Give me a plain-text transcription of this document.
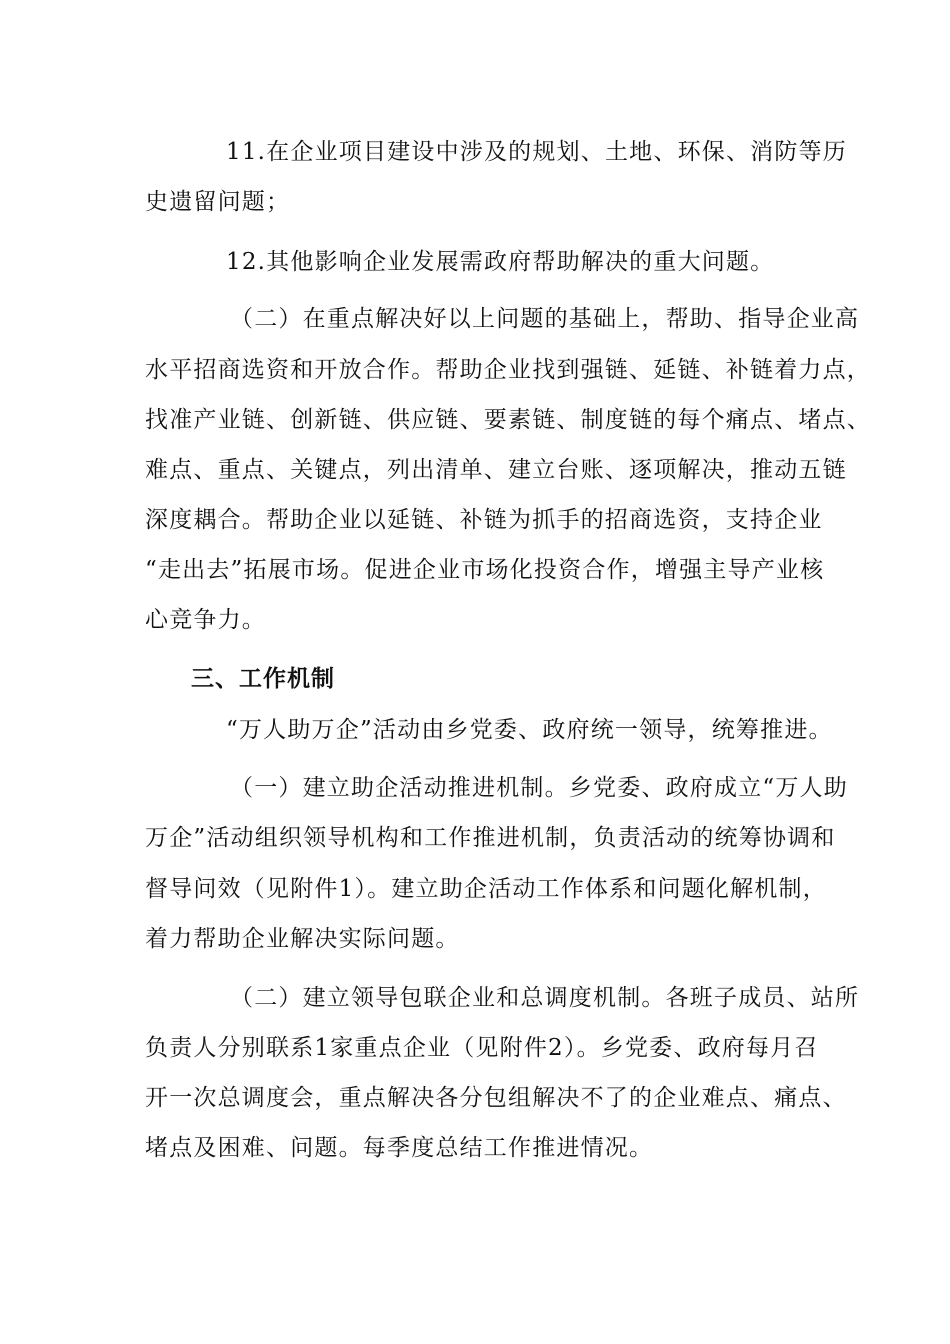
11.在企业项目建设中涉及的规划、土地、环保、消防等历
史遗留问题；
12.其他影响企业发展需政府帮助解决的重大问题。
（二）在重点解决好以上问题的基础上，帮助、指导企业高
水平招商选资和开放合作。帮助企业找到强链、延链、补链着力点，
找准产业链、创新链、供应链、要素链、制度链的每个痛点、堵点、
难点、重点、关键点，列出清单、建立台账、逐项解决，推动五链
深度耦合。帮助企业以延链、补链为抓手的招商选资，支持企业
“走出去”拓展市场。促进企业市场化投资合作，增强主导产业核
心竞争力。
三、工作机制
“万人助万企”活动由乡党委、政府统一领导，统筹推进。
（一）建立助企活动推进机制。乡党委、政府成立“万人助
万企”活动组织领导机构和工作推进机制，负责活动的统筹协调和
督导问效（见附件1）。建立助企活动工作体系和问题化解机制，
着力帮助企业解决实际问题。
（二）建立领导包联企业和总调度机制。各班子成员、站所
负责人分别联系1家重点企业（见附件2）。乡党委、政府每月召
开一次总调度会，重点解决各分包组解决不了的企业难点、痛点、
堵点及困难、问题。每季度总结工作推进情况。
